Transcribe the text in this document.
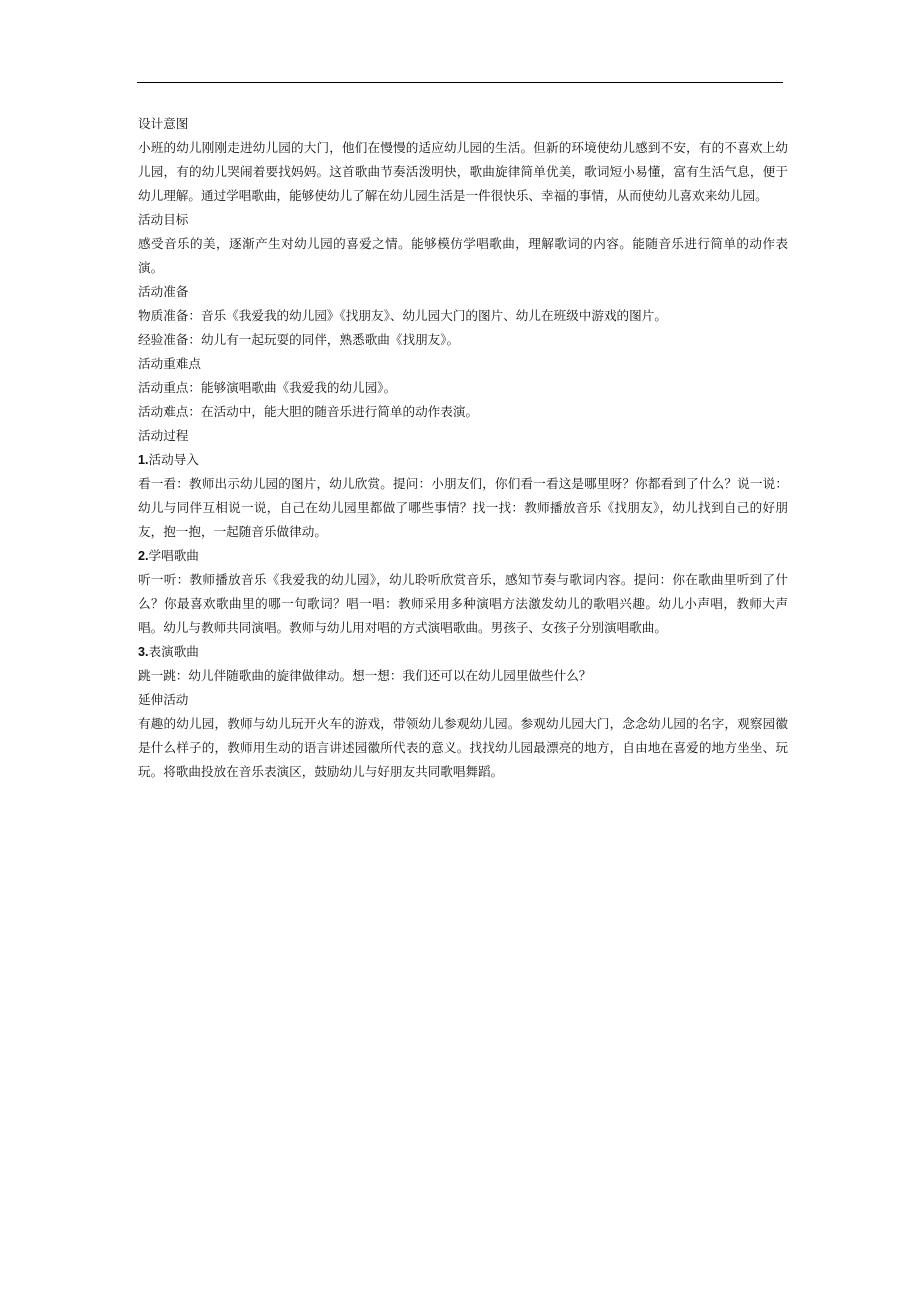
设计意图

小班的幼儿刚刚走进幼儿园的大门，他们在慢慢的适应幼儿园的生活。但新的环境使幼儿感到不安，有的不喜欢上幼儿园，有的幼儿哭闹着要找妈妈。这首歌曲节奏活泼明快，歌曲旋律简单优美，歌词短小易懂，富有生活气息，便于幼儿理解。通过学唱歌曲，能够使幼儿了解在幼儿园生活是一件很快乐、幸福的事情，从而使幼儿喜欢来幼儿园。

活动目标

感受音乐的美，逐渐产生对幼儿园的喜爱之情。能够模仿学唱歌曲，理解歌词的内容。能随音乐进行简单的动作表演。

活动准备

物质准备：音乐《我爱我的幼儿园》《找朋友》、幼儿园大门的图片、幼儿在班级中游戏的图片。

经验准备：幼儿有一起玩耍的同伴，熟悉歌曲《找朋友》。

活动重难点

活动重点：能够演唱歌曲《我爱我的幼儿园》。

活动难点：在活动中，能大胆的随音乐进行简单的动作表演。

活动过程

1.活动导入

看一看：教师出示幼儿园的图片，幼儿欣赏。提问：小朋友们，你们看一看这是哪里呀？你都看到了什么？说一说：幼儿与同伴互相说一说，自己在幼儿园里都做了哪些事情？找一找：教师播放音乐《找朋友》，幼儿找到自己的好朋友，抱一抱，一起随音乐做律动。

2.学唱歌曲

听一听：教师播放音乐《我爱我的幼儿园》，幼儿聆听欣赏音乐，感知节奏与歌词内容。提问：你在歌曲里听到了什么？你最喜欢歌曲里的哪一句歌词？唱一唱：教师采用多种演唱方法激发幼儿的歌唱兴趣。幼儿小声唱，教师大声唱。幼儿与教师共同演唱。教师与幼儿用对唱的方式演唱歌曲。男孩子、女孩子分别演唱歌曲。

3.表演歌曲

跳一跳：幼儿伴随歌曲的旋律做律动。想一想：我们还可以在幼儿园里做些什么？

延伸活动

有趣的幼儿园，教师与幼儿玩开火车的游戏，带领幼儿参观幼儿园。参观幼儿园大门，念念幼儿园的名字，观察园徽是什么样子的，教师用生动的语言讲述园徽所代表的意义。找找幼儿园最漂亮的地方，自由地在喜爱的地方坐坐、玩玩。将歌曲投放在音乐表演区，鼓励幼儿与好朋友共同歌唱舞蹈。
